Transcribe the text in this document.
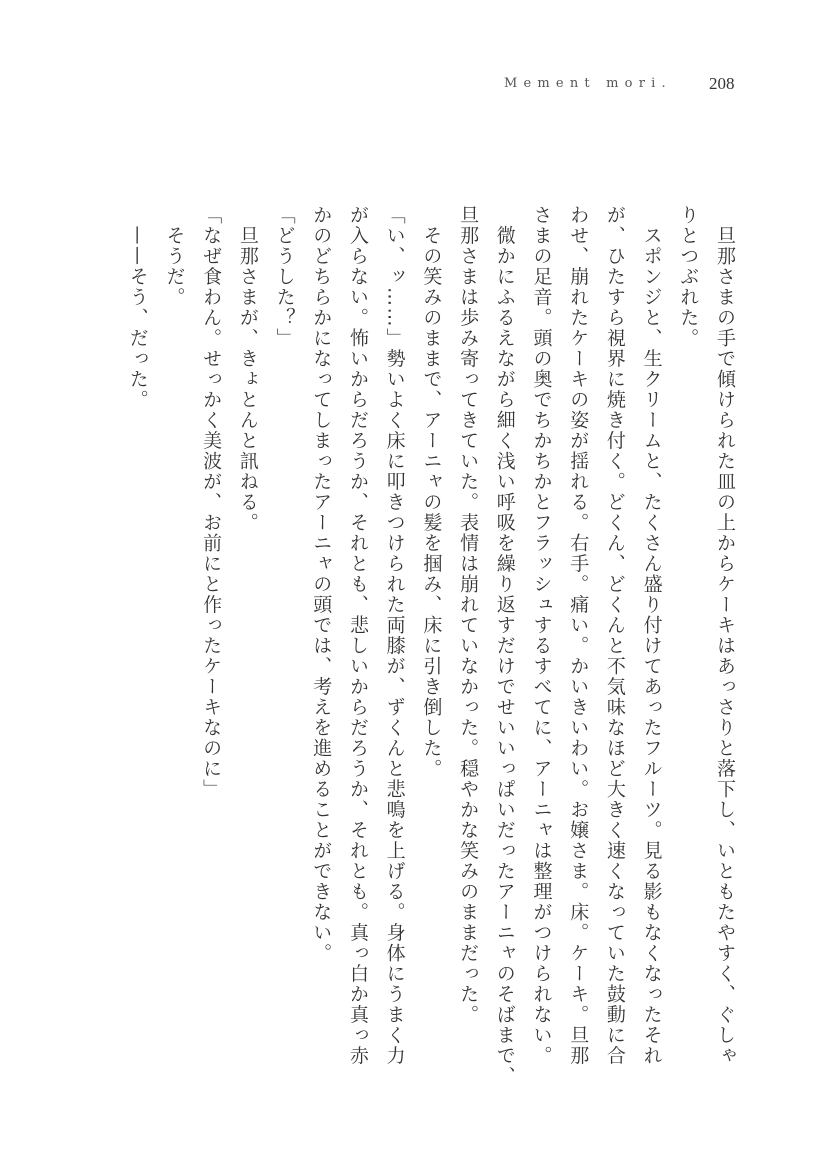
Mement mori. 208
　旦那さまの手で傾けられた皿の上からケーキはあっさりと落下し、いともたやすく、ぐしゃ
りとつぶれた。
　スポンジと、生クリームと、たくさん盛り付けてあったフルーツ。見る影もなくなったそれ
が、ひたすら視界に焼き付く。どくん、どくんと不気味なほど大きく速くなっていた鼓動に合
わせ、崩れたケーキの姿が揺れる。右手。痛い。かいきいわい。お嬢さま。床。ケーキ。旦那
さまの足音。頭の奥でちかちかとフラッシュするすべてに、アーニャは整理がつけられない。
　微かにふるえながら細く浅い呼吸を繰り返すだけでせいいっぱいだったアーニャのそばまで、
旦那さまは歩み寄ってきていた。表情は崩れていなかった。穏やかな笑みのままだった。
　その笑みのままで、アーニャの髪を掴み、床に引き倒した。
「い、ッ……」勢いよく床に叩きつけられた両膝が、ずくんと悲鳴を上げる。身体にうまく力
が入らない。怖いからだろうか、それとも、悲しいからだろうか、それとも。真っ白か真っ赤
かのどちらかになってしまったアーニャの頭では、考えを進めることができない。
「どうした？」
　旦那さまが、きょとんと訊ねる。
「なぜ食わん。せっかく美波が、お前にと作ったケーキなのに」
　そうだ。
　——そう、だった。
